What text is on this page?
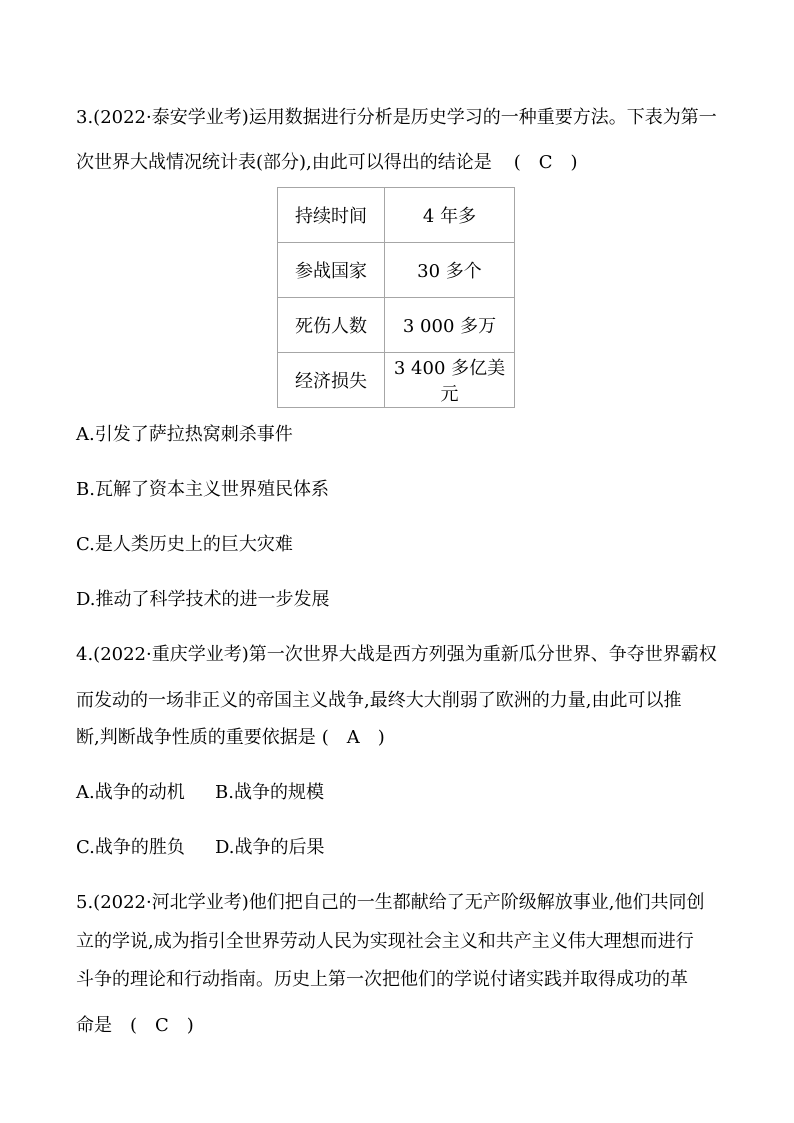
3.(2022·泰安学业考)运用数据进行分析是历史学习的一种重要方法。下表为第一
次世界大战情况统计表(部分),由此可以得出的结论是 (　C　)
持续时间	4 年多
参战国家	30 多个
死伤人数	3 000 多万
经济损失	3 400 多亿美元
A.引发了萨拉热窝刺杀事件
B.瓦解了资本主义世界殖民体系
C.是人类历史上的巨大灾难
D.推动了科学技术的进一步发展
4.(2022·重庆学业考)第一次世界大战是西方列强为重新瓜分世界、争夺世界霸权
而发动的一场非正义的帝国主义战争,最终大大削弱了欧洲的力量,由此可以推
断,判断战争性质的重要依据是 (　A　)
A.战争的动机 B.战争的规模
C.战争的胜负 D.战争的后果
5.(2022·河北学业考)他们把自己的一生都献给了无产阶级解放事业,他们共同创
立的学说,成为指引全世界劳动人民为实现社会主义和共产主义伟大理想而进行
斗争的理论和行动指南。历史上第一次把他们的学说付诸实践并取得成功的革
命是 (　C　)
